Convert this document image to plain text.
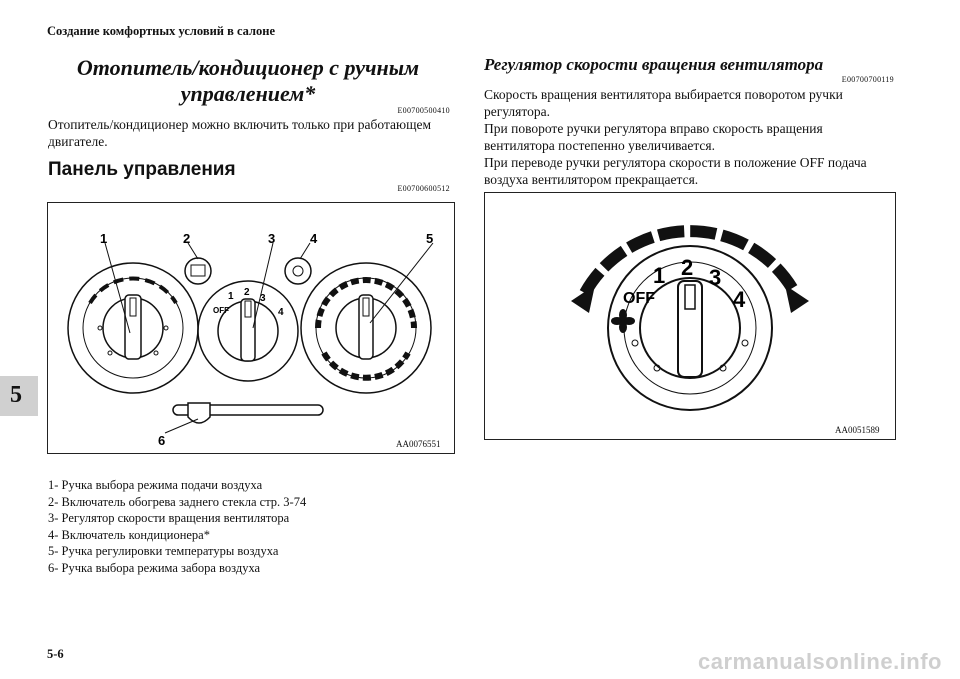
Создание комфортных условий в салоне
Отопитель/кондиционер с ручным управлением*
E00700500410
Отопитель/кондиционер можно включить только при работающем двигателе.
Панель управления
E00700600512
OFF
1 2
3
4
1	2	3	4	5
6	AA0076551
1- Ручка выбора режима подачи воздуха
2- Включатель обогрева заднего стекла стр. 3-74
3- Регулятор скорости вращения вентилятора
4- Включатель кондиционера*
5- Ручка регулировки температуры воздуха
6- Ручка выбора режима забора воздуха
Регулятор скорости вращения вентилятора
E00700700119
Скорость вращения вентилятора выбирается поворотом ручки регулятора.
При повороте ручки регулятора вправо скорость вращения вентилятора постепенно увеличивается.
При переводе ручки регулятора скорости в положение OFF подача воздуха вентилятором прекращается.
OFF
1 2 3
4
AA0051589
5
5-6	carmanualsonline.info
